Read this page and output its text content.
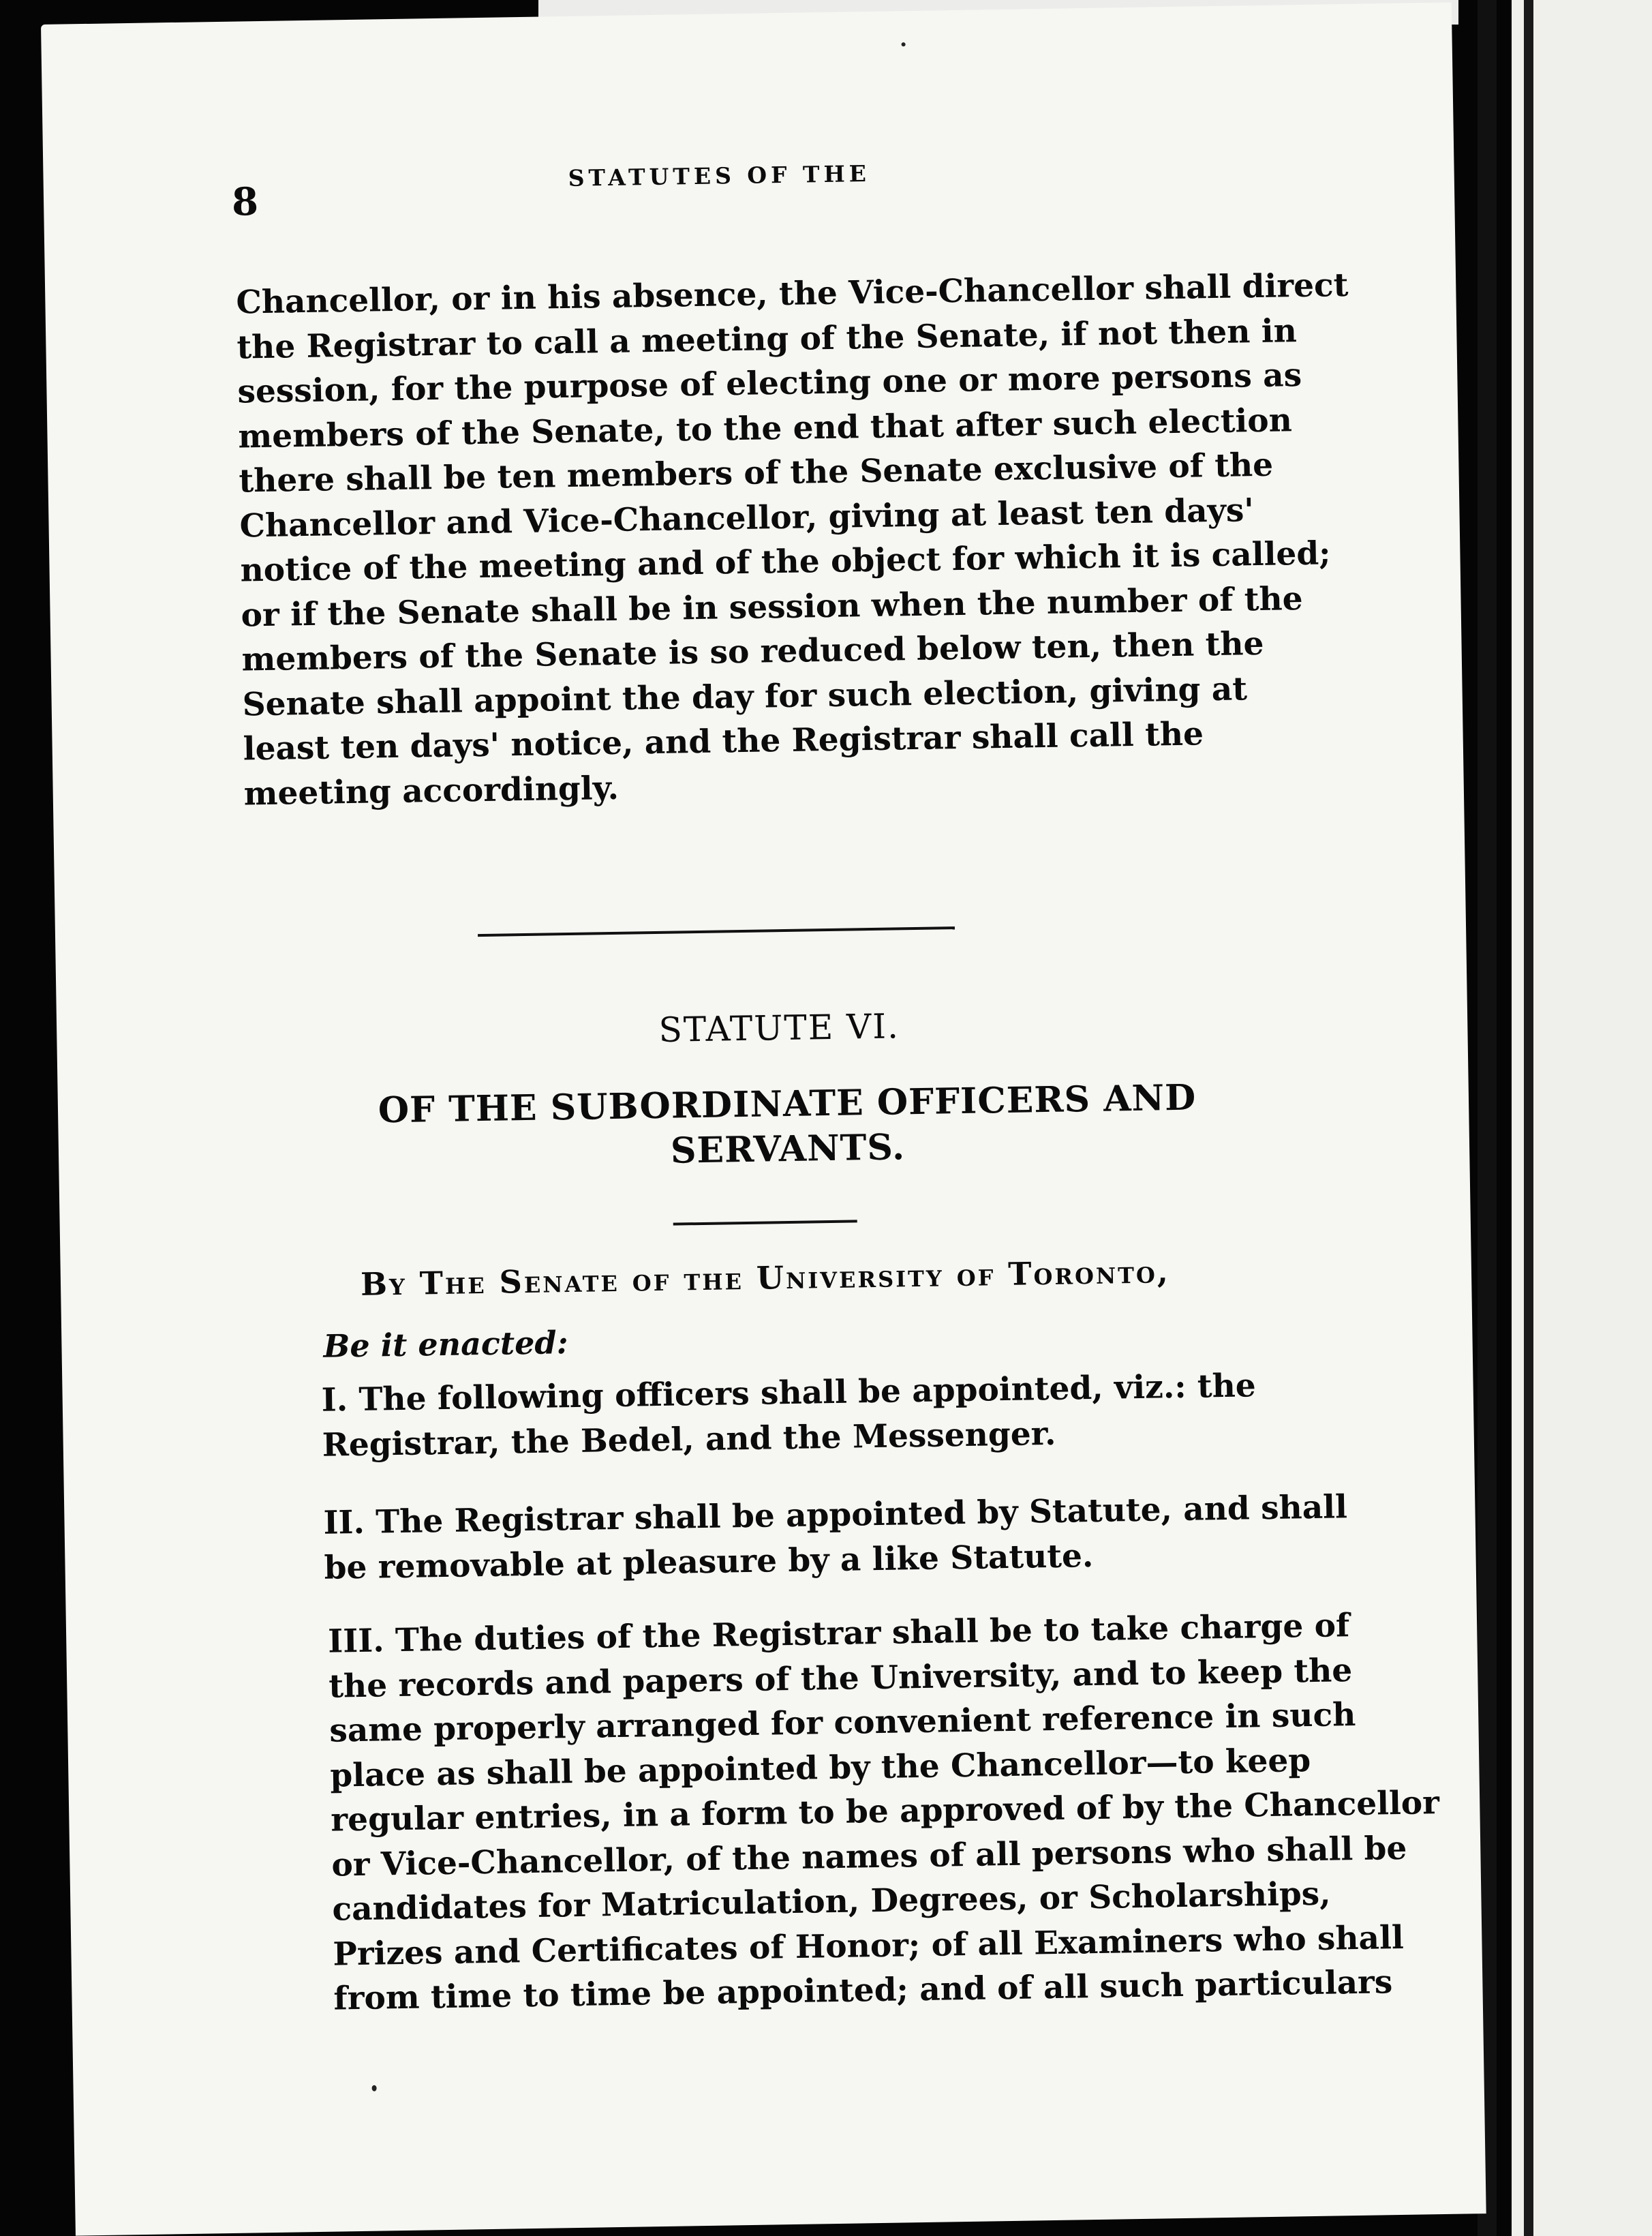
8
STATUTES OF THE
Chancellor, or in his absence, the Vice-Chancellor shall direct
the Registrar to call a meeting of the Senate, if not then in
session, for the purpose of electing one or more persons as
members of the Senate, to the end that after such election
there shall be ten members of the Senate exclusive of the
Chancellor and Vice-Chancellor, giving at least ten days'
notice of the meeting and of the object for which it is called;
or if the Senate shall be in session when the number of the
members of the Senate is so reduced below ten, then the
Senate shall appoint the day for such election, giving at
least ten days' notice, and the Registrar shall call the
meeting accordingly.
STATUTE VI.
OF THE SUBORDINATE OFFICERS AND
SERVANTS.
By The Senate of the University of Toronto,
Be it enacted:
I. The following officers shall be appointed, viz.: the
Registrar, the Bedel, and the Messenger.
II. The Registrar shall be appointed by Statute, and shall
be removable at pleasure by a like Statute.
III. The duties of the Registrar shall be to take charge of
the records and papers of the University, and to keep the
same properly arranged for convenient reference in such
place as shall be appointed by the Chancellor—to keep
regular entries, in a form to be approved of by the Chancellor
or Vice-Chancellor, of the names of all persons who shall be
candidates for Matriculation, Degrees, or Scholarships,
Prizes and Certificates of Honor; of all Examiners who shall
from time to time be appointed; and of all such particulars
